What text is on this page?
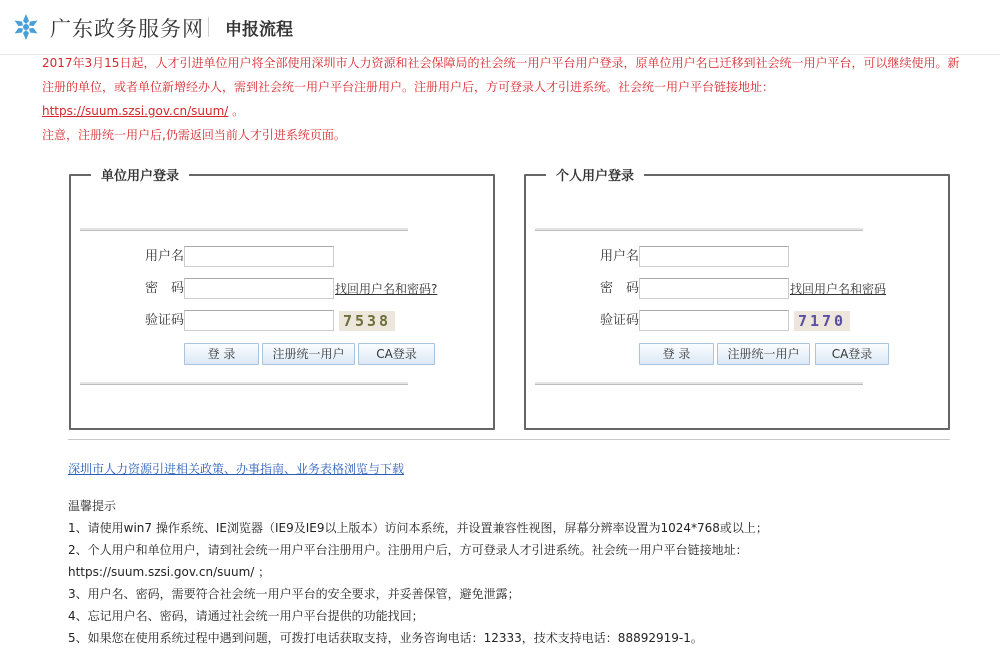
广东政务服务网 申报流程
2017年3月15日起，人才引进单位用户将全部使用深圳市人力资源和社会保障局的社会统一用户平台用户登录，原单位用户名已迁移到社会统一用户平台，可以继续使用。新注册的单位，或者单位新增经办人，需到社会统一用户平台注册用户。注册用户后，方可登录人才引进系统。社会统一用户平台链接地址：
https://suum.szsi.gov.cn/suum/ 。
注意，注册统一用户后,仍需返回当前人才引进系统页面。
单位用户登录
用户名
密　码	找回用户名和密码?
验证码	7538
登 录	注册统一用户	CA登录
个人用户登录
用户名
密　码	找回用户名和密码
验证码	7170
登 录	注册统一用户	CA登录
深圳市人力资源引进相关政策、办事指南、业务表格浏览与下载
温馨提示
1、请使用win7 操作系统、IE浏览器（IE9及IE9以上版本）访问本系统，并设置兼容性视图，屏幕分辨率设置为1024*768或以上；
2、个人用户和单位用户，请到社会统一用户平台注册用户。注册用户后，方可登录人才引进系统。社会统一用户平台链接地址：
https://suum.szsi.gov.cn/suum/ ；
3、用户名、密码，需要符合社会统一用户平台的安全要求，并妥善保管，避免泄露；
4、忘记用户名、密码，请通过社会统一用户平台提供的功能找回；
5、如果您在使用系统过程中遇到问题，可拨打电话获取支持，业务咨询电话：12333，技术支持电话：88892919-1。
